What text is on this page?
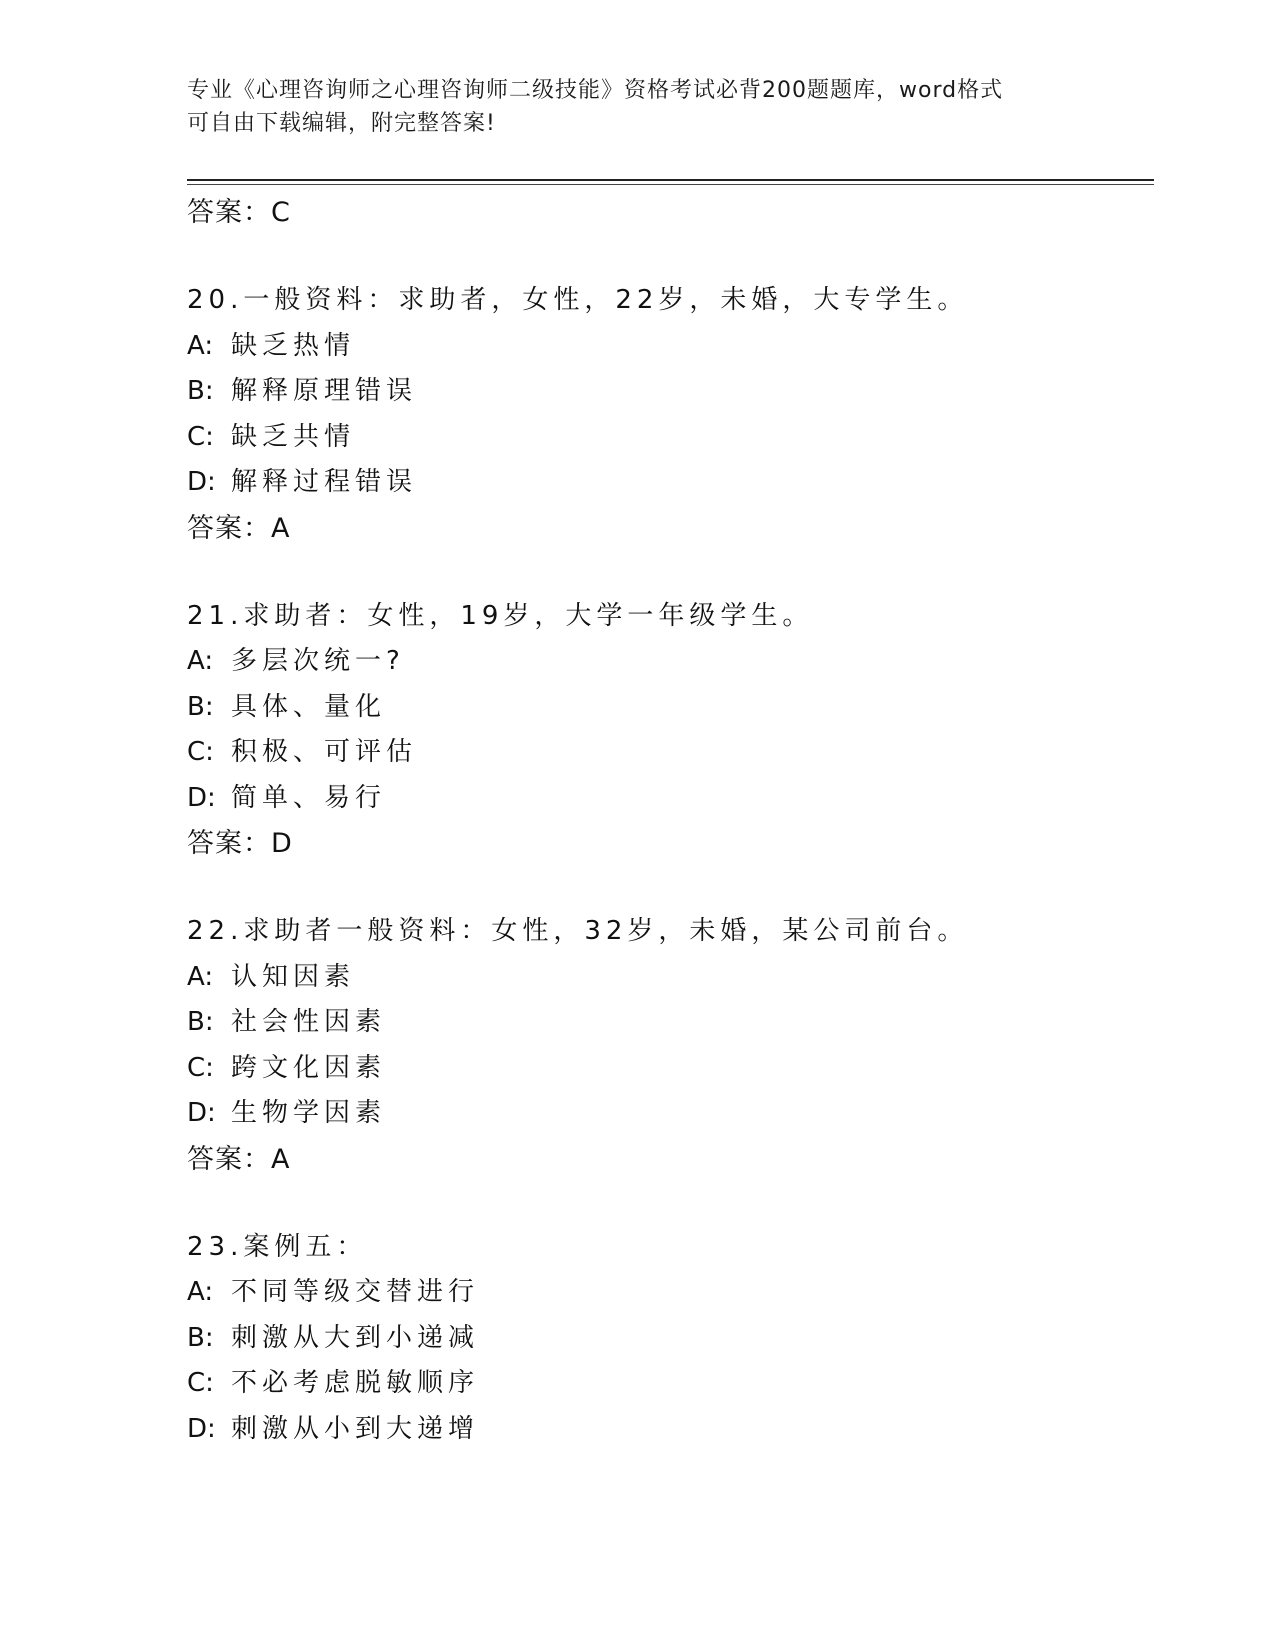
专业《心理咨询师之心理咨询师二级技能》资格考试必背200题题库，word格式
可自由下载编辑，附完整答案!
答案：C
20.一般资料：求助者，女性，22岁，未婚，大专学生。
A: 缺乏热情
B: 解释原理错误
C: 缺乏共情
D: 解释过程错误
答案：A
21.求助者：女性，19岁，大学一年级学生。
A: 多层次统一?
B: 具体、量化
C: 积极、可评估
D: 简单、易行
答案：D
22.求助者一般资料：女性，32岁，未婚，某公司前台。
A: 认知因素
B: 社会性因素
C: 跨文化因素
D: 生物学因素
答案：A
23.案例五：
A: 不同等级交替进行
B: 刺激从大到小递减
C: 不必考虑脱敏顺序
D: 刺激从小到大递增
